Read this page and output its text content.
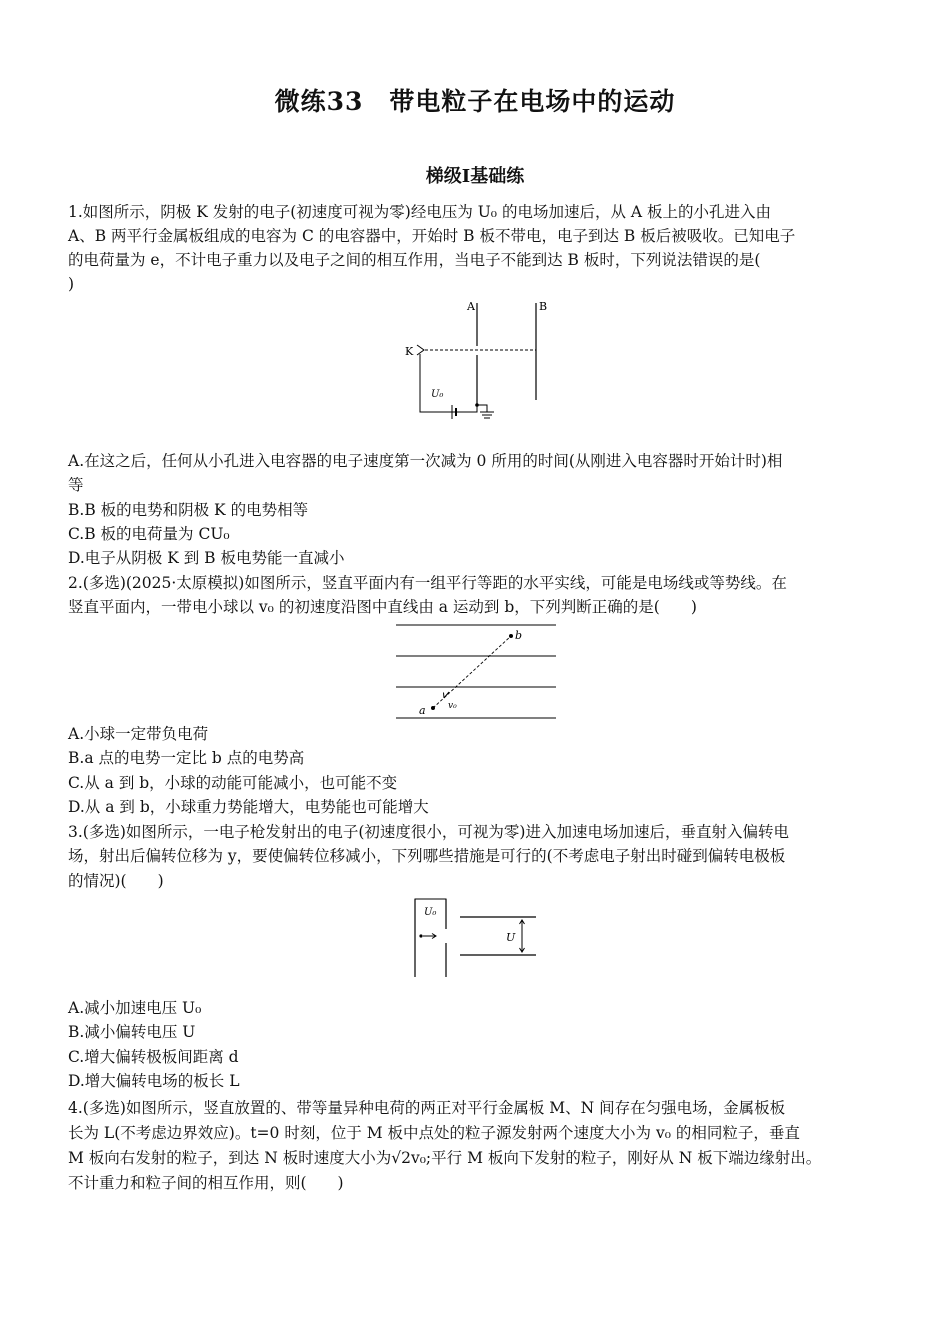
微练33　带电粒子在电场中的运动
梯级Ⅰ基础练
1.如图所示，阴极 K 发射的电子(初速度可视为零)经电压为 U₀ 的电场加速后，从 A 板上的小孔进入由
A、B 两平行金属板组成的电容为 C 的电容器中，开始时 B 板不带电，电子到达 B 板后被吸收。已知电子
的电荷量为 e，不计电子重力以及电子之间的相互作用，当电子不能到达 B 板时，下列说法错误的是(
)
A	B
K
U₀
A.在这之后，任何从小孔进入电容器的电子速度第一次减为 0 所用的时间(从刚进入电容器时开始计时)相
等
B.B 板的电势和阴极 K 的电势相等
C.B 板的电荷量为 CU₀
D.电子从阴极 K 到 B 板电势能一直减小
2.(多选)(2025·太原模拟)如图所示，竖直平面内有一组平行等距的水平实线，可能是电场线或等势线。在
竖直平面内，一带电小球以 v₀ 的初速度沿图中直线由 a 运动到 b，下列判断正确的是(　　)
a
b
v₀
A.小球一定带负电荷
B.a 点的电势一定比 b 点的电势高
C.从 a 到 b，小球的动能可能减小，也可能不变
D.从 a 到 b，小球重力势能增大，电势能也可能增大
3.(多选)如图所示，一电子枪发射出的电子(初速度很小，可视为零)进入加速电场加速后，垂直射入偏转电
场，射出后偏转位移为 y，要使偏转位移减小，下列哪些措施是可行的(不考虑电子射出时碰到偏转电极板
的情况)(　　)
U₀
U
A.减小加速电压 U₀
B.减小偏转电压 U
C.增大偏转极板间距离 d
D.增大偏转电场的板长 L
4.(多选)如图所示，竖直放置的、带等量异种电荷的两正对平行金属板 M、N 间存在匀强电场，金属板板
长为 L(不考虑边界效应)。t=0 时刻，位于 M 板中点处的粒子源发射两个速度大小为 v₀ 的相同粒子，垂直
M 板向右发射的粒子，到达 N 板时速度大小为√2v₀;平行 M 板向下发射的粒子，刚好从 N 板下端边缘射出。
不计重力和粒子间的相互作用，则(　　)
